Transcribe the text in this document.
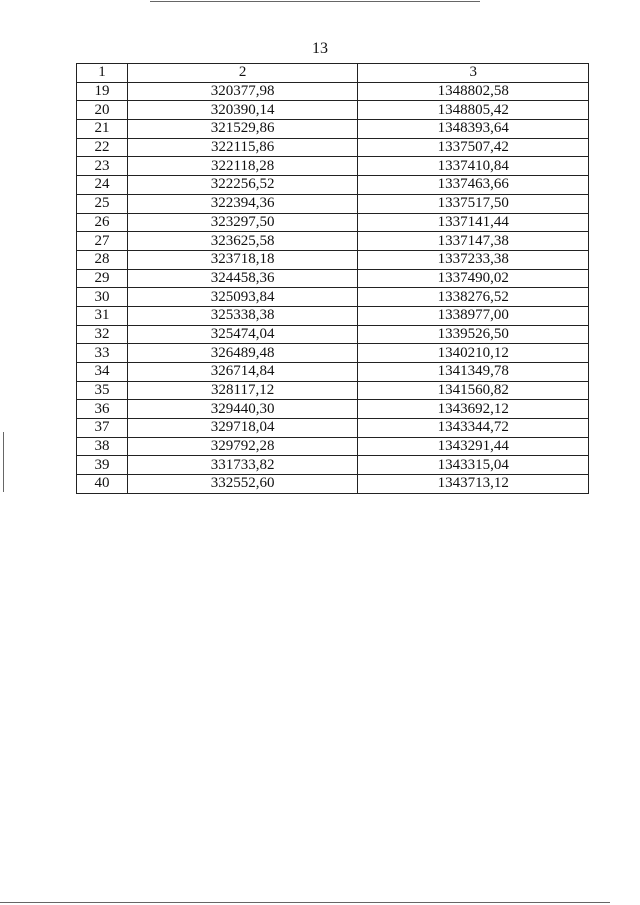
13
1	2	3
19	320377,98	1348802,58
20	320390,14	1348805,42
21	321529,86	1348393,64
22	322115,86	1337507,42
23	322118,28	1337410,84
24	322256,52	1337463,66
25	322394,36	1337517,50
26	323297,50	1337141,44
27	323625,58	1337147,38
28	323718,18	1337233,38
29	324458,36	1337490,02
30	325093,84	1338276,52
31	325338,38	1338977,00
32	325474,04	1339526,50
33	326489,48	1340210,12
34	326714,84	1341349,78
35	328117,12	1341560,82
36	329440,30	1343692,12
37	329718,04	1343344,72
38	329792,28	1343291,44
39	331733,82	1343315,04
40	332552,60	1343713,12
